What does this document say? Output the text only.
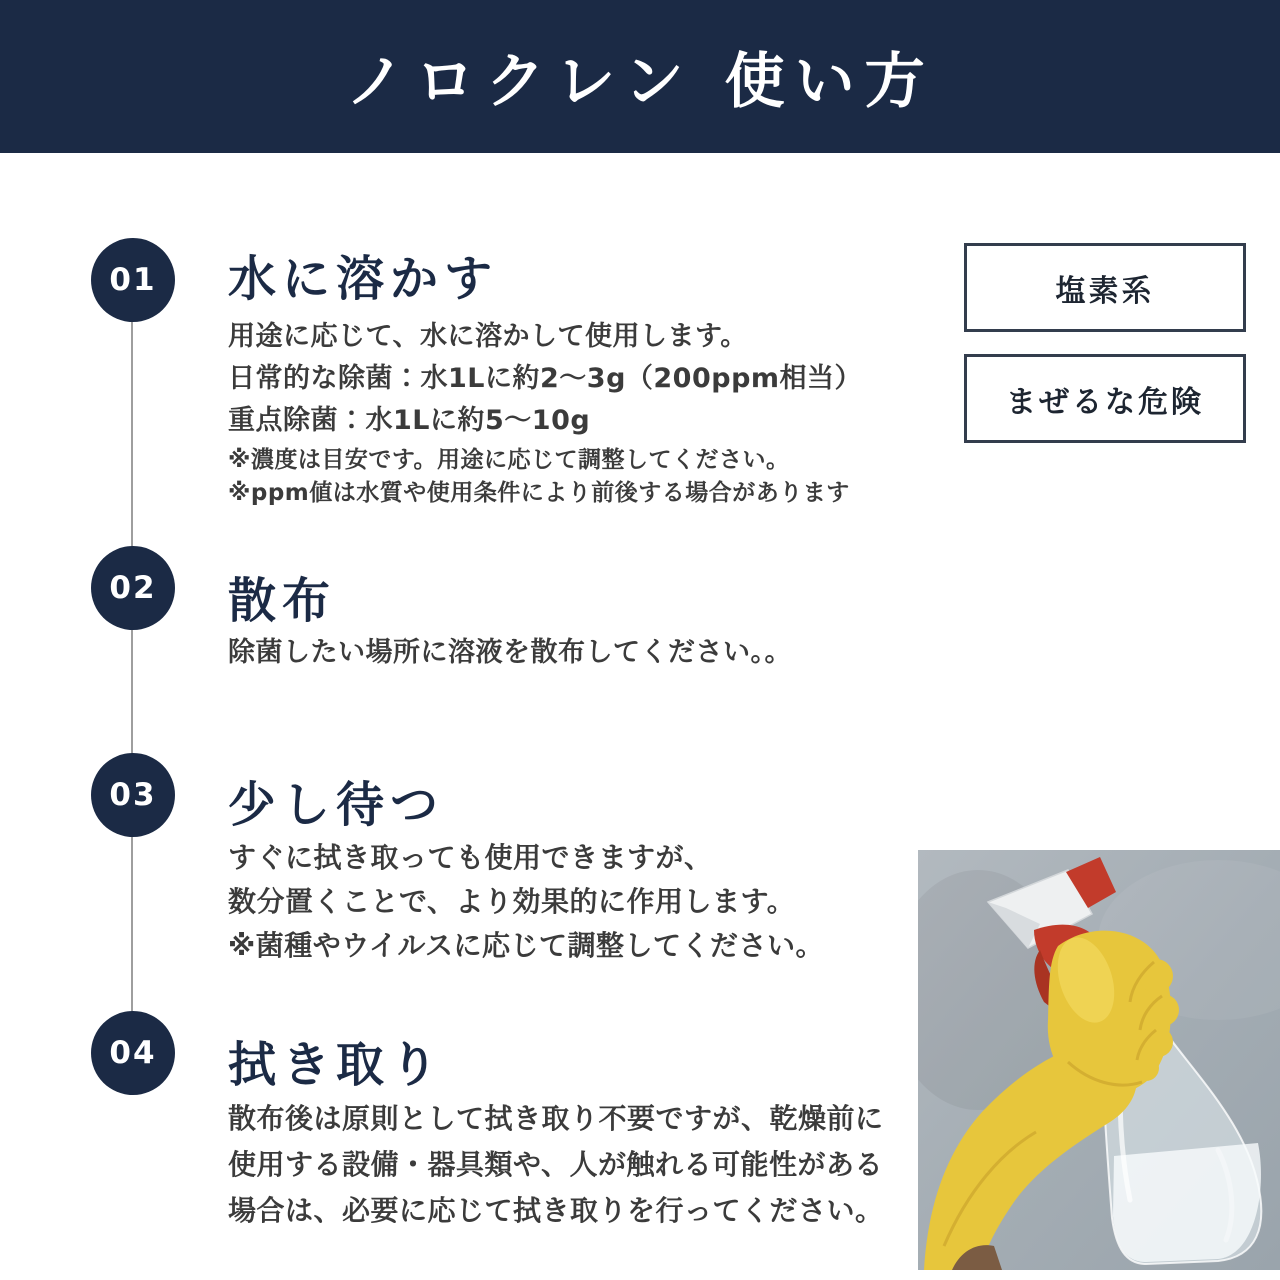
ノロクレン 使い方
01 水に溶かす
用途に応じて、水に溶かして使用します。
日常的な除菌：水1Lに約2〜3g（200ppm相当）
重点除菌：水1Lに約5〜10g
※濃度は目安です。用途に応じて調整してください。
※ppm値は水質や使用条件により前後する場合があります
02 散布
除菌したい場所に溶液を散布してください。。
03 少し待つ
すぐに拭き取っても使用できますが、
数分置くことで、より効果的に作用します。
※菌種やウイルスに応じて調整してください。
04 拭き取り
散布後は原則として拭き取り不要ですが、乾燥前に
使用する設備・器具類や、人が触れる可能性がある
場合は、必要に応じて拭き取りを行ってください。
塩素系
まぜるな危険
